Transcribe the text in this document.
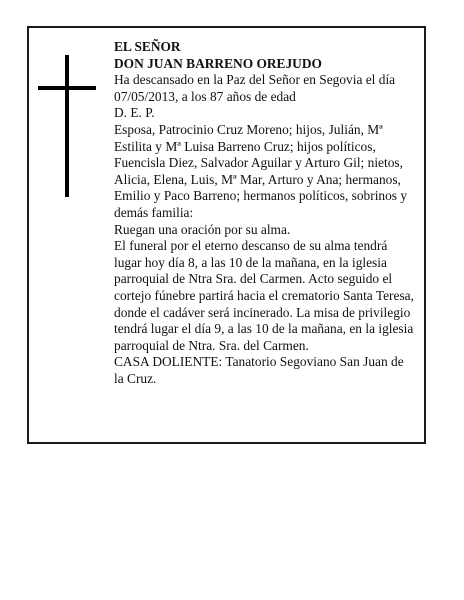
EL SEÑOR

DON JUAN BARRENO OREJUDO

Ha descansado en la Paz del Señor en Segovia el día 07/05/2013, a los 87 años de edad

D. E. P.

Esposa, Patrocinio Cruz Moreno; hijos, Julián, Mª Estilita y Mª Luisa Barreno Cruz; hijos políticos, Fuencisla Diez, Salvador Aguilar y Arturo Gil; nietos, Alicia, Elena, Luis, Mª Mar, Arturo y Ana; hermanos, Emilio y Paco Barreno; hermanos políticos, sobrinos y demás familia:

Ruegan una oración por su alma.

El funeral por el eterno descanso de su alma tendrá lugar hoy día 8, a las 10 de la mañana, en la iglesia parroquial de Ntra Sra. del Carmen. Acto seguido el cortejo fúnebre partirá hacia el crematorio Santa Teresa, donde el cadáver será incinerado. La misa de privilegio tendrá lugar el día 9, a las 10 de la mañana, en la iglesia parroquial de Ntra. Sra. del Carmen.

CASA DOLIENTE: Tanatorio Segoviano San Juan de la Cruz.
